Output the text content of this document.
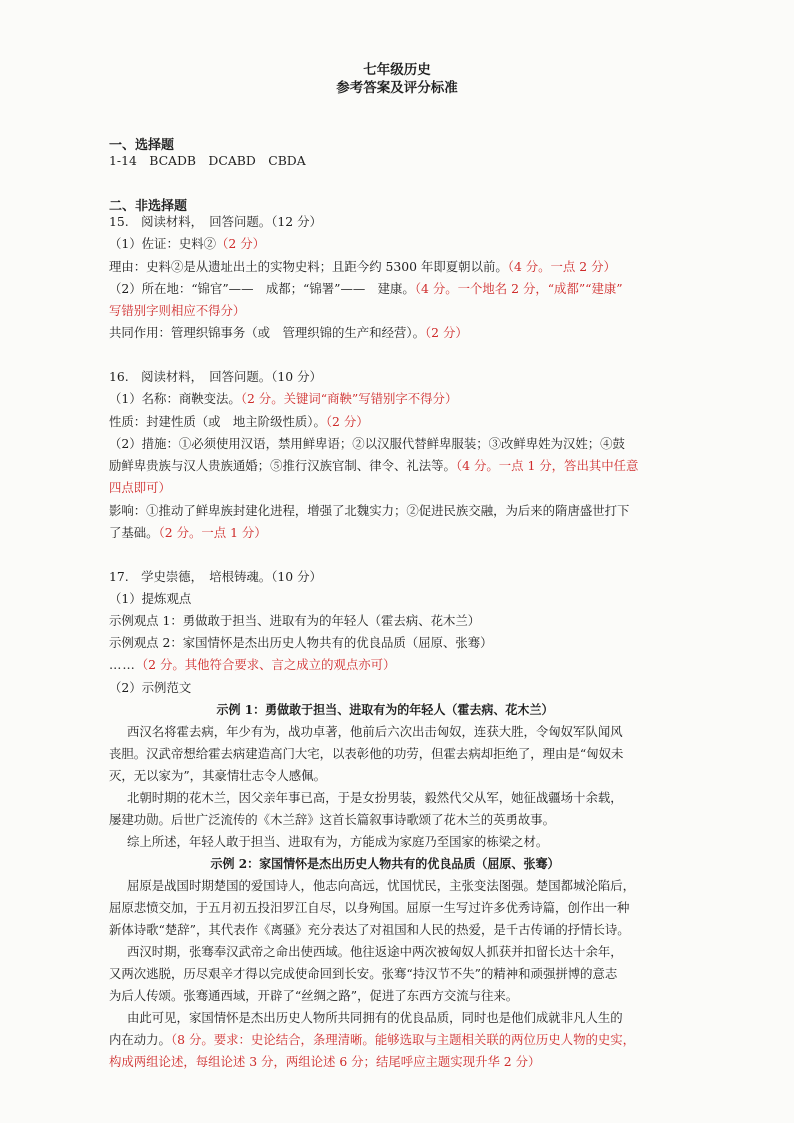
七年级历史
参考答案及评分标准
一、选择题
1-14　BCADB　DCABD　CBDA
二、非选择题
15.　阅读材料，　回答问题。（12 分）
（1）佐证：史料②（2 分）
理由：史料②是从遗址出土的实物史料；且距今约 5300 年即夏朝以前。（4 分。一点 2 分）
（2）所在地：“锦官”——　成都；“锦署”——　建康。（4 分。一个地名 2 分，“成都”“建康”
写错别字则相应不得分）
共同作用：管理织锦事务（或　管理织锦的生产和经营）。（2 分）
16.　阅读材料，　回答问题。（10 分）
（1）名称：商鞅变法。（2 分。关键词“商鞅”写错别字不得分）
性质：封建性质（或　地主阶级性质）。（2 分）
（2）措施：①必须使用汉语，禁用鲜卑语；②以汉服代替鲜卑服装；③改鲜卑姓为汉姓；④鼓
励鲜卑贵族与汉人贵族通婚；⑤推行汉族官制、律令、礼法等。（4 分。一点 1 分，答出其中任意
四点即可）
影响：①推动了鲜卑族封建化进程，增强了北魏实力；②促进民族交融，为后来的隋唐盛世打下
了基础。（2 分。一点 1 分）
17.　学史崇德，　培根铸魂。（10 分）
（1）提炼观点
示例观点 1：勇做敢于担当、进取有为的年轻人（霍去病、花木兰）
示例观点 2：家国情怀是杰出历史人物共有的优良品质（屈原、张骞）
……（2 分。其他符合要求、言之成立的观点亦可）
（2）示例范文
示例 1：勇做敢于担当、进取有为的年轻人（霍去病、花木兰）
西汉名将霍去病，年少有为，战功卓著，他前后六次出击匈奴，连获大胜，令匈奴军队闻风
丧胆。汉武帝想给霍去病建造高门大宅，以表彰他的功劳，但霍去病却拒绝了，理由是“匈奴未
灭，无以家为”，其豪情壮志令人感佩。
北朝时期的花木兰，因父亲年事已高，于是女扮男装，毅然代父从军，她征战疆场十余载，
屡建功勋。后世广泛流传的《木兰辞》这首长篇叙事诗歌颂了花木兰的英勇故事。
综上所述，年轻人敢于担当、进取有为，方能成为家庭乃至国家的栋梁之材。
示例 2：家国情怀是杰出历史人物共有的优良品质（屈原、张骞）
屈原是战国时期楚国的爱国诗人，他志向高远，忧国忧民，主张变法图强。楚国都城沦陷后，
屈原悲愤交加，于五月初五投汨罗江自尽，以身殉国。屈原一生写过许多优秀诗篇，创作出一种
新体诗歌“楚辞”，其代表作《离骚》充分表达了对祖国和人民的热爱，是千古传诵的抒情长诗。
西汉时期，张骞奉汉武帝之命出使西域。他往返途中两次被匈奴人抓获并扣留长达十余年，
又两次逃脱，历尽艰辛才得以完成使命回到长安。张骞“持汉节不失”的精神和顽强拼博的意志
为后人传颂。张骞通西域，开辟了“丝绸之路”，促进了东西方交流与往来。
由此可见，家国情怀是杰出历史人物所共同拥有的优良品质，同时也是他们成就非凡人生的
内在动力。（8 分。要求：史论结合，条理清晰。能够选取与主题相关联的两位历史人物的史实，
构成两组论述，每组论述 3 分，两组论述 6 分；结尾呼应主题实现升华 2 分）
